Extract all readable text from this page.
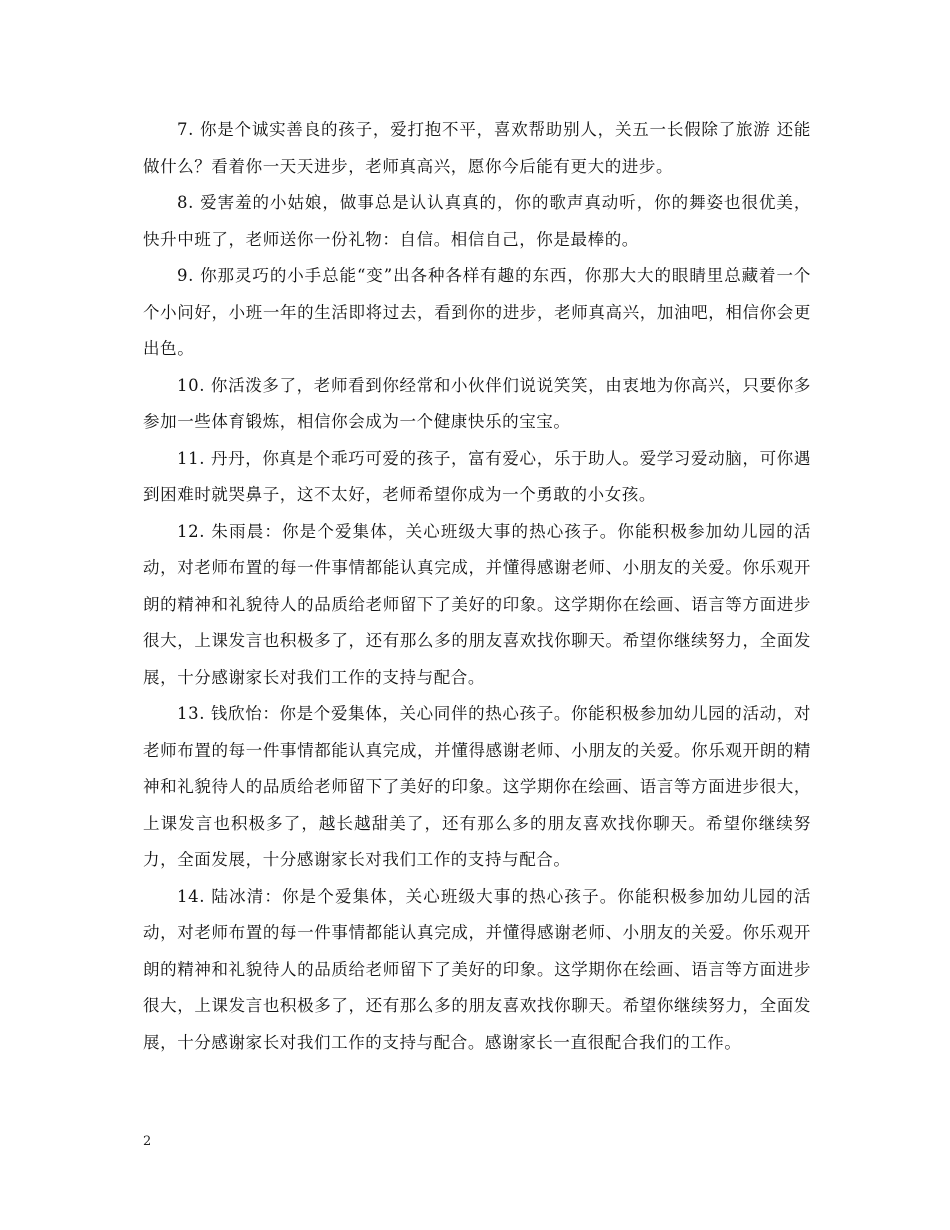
7. 你是个诚实善良的孩子，爱打抱不平，喜欢帮助别人，关五一长假除了旅游 还能做什么？看着你一天天进步，老师真高兴，愿你今后能有更大的进步。

8. 爱害羞的小姑娘，做事总是认认真真的，你的歌声真动听，你的舞姿也很优美，快升中班了，老师送你一份礼物：自信。相信自己，你是最棒的。

9. 你那灵巧的小手总能“变”出各种各样有趣的东西，你那大大的眼睛里总藏着一个个小问好，小班一年的生活即将过去，看到你的进步，老师真高兴，加油吧，相信你会更出色。

10. 你活泼多了，老师看到你经常和小伙伴们说说笑笑，由衷地为你高兴，只要你多参加一些体育锻炼，相信你会成为一个健康快乐的宝宝。

11. 丹丹，你真是个乖巧可爱的孩子，富有爱心，乐于助人。爱学习爱动脑，可你遇到困难时就哭鼻子，这不太好，老师希望你成为一个勇敢的小女孩。

12. 朱雨晨：你是个爱集体，关心班级大事的热心孩子。你能积极参加幼儿园的活动，对老师布置的每一件事情都能认真完成，并懂得感谢老师、小朋友的关爱。你乐观开朗的精神和礼貌待人的品质给老师留下了美好的印象。这学期你在绘画、语言等方面进步很大，上课发言也积极多了，还有那么多的朋友喜欢找你聊天。希望你继续努力，全面发展，十分感谢家长对我们工作的支持与配合。

13. 钱欣怡：你是个爱集体，关心同伴的热心孩子。你能积极参加幼儿园的活动，对老师布置的每一件事情都能认真完成，并懂得感谢老师、小朋友的关爱。你乐观开朗的精神和礼貌待人的品质给老师留下了美好的印象。这学期你在绘画、语言等方面进步很大，上课发言也积极多了，越长越甜美了，还有那么多的朋友喜欢找你聊天。希望你继续努力，全面发展，十分感谢家长对我们工作的支持与配合。

14. 陆冰清：你是个爱集体，关心班级大事的热心孩子。你能积极参加幼儿园的活动，对老师布置的每一件事情都能认真完成，并懂得感谢老师、小朋友的关爱。你乐观开朗的精神和礼貌待人的品质给老师留下了美好的印象。这学期你在绘画、语言等方面进步很大，上课发言也积极多了，还有那么多的朋友喜欢找你聊天。希望你继续努力，全面发展，十分感谢家长对我们工作的支持与配合。感谢家长一直很配合我们的工作。

2
